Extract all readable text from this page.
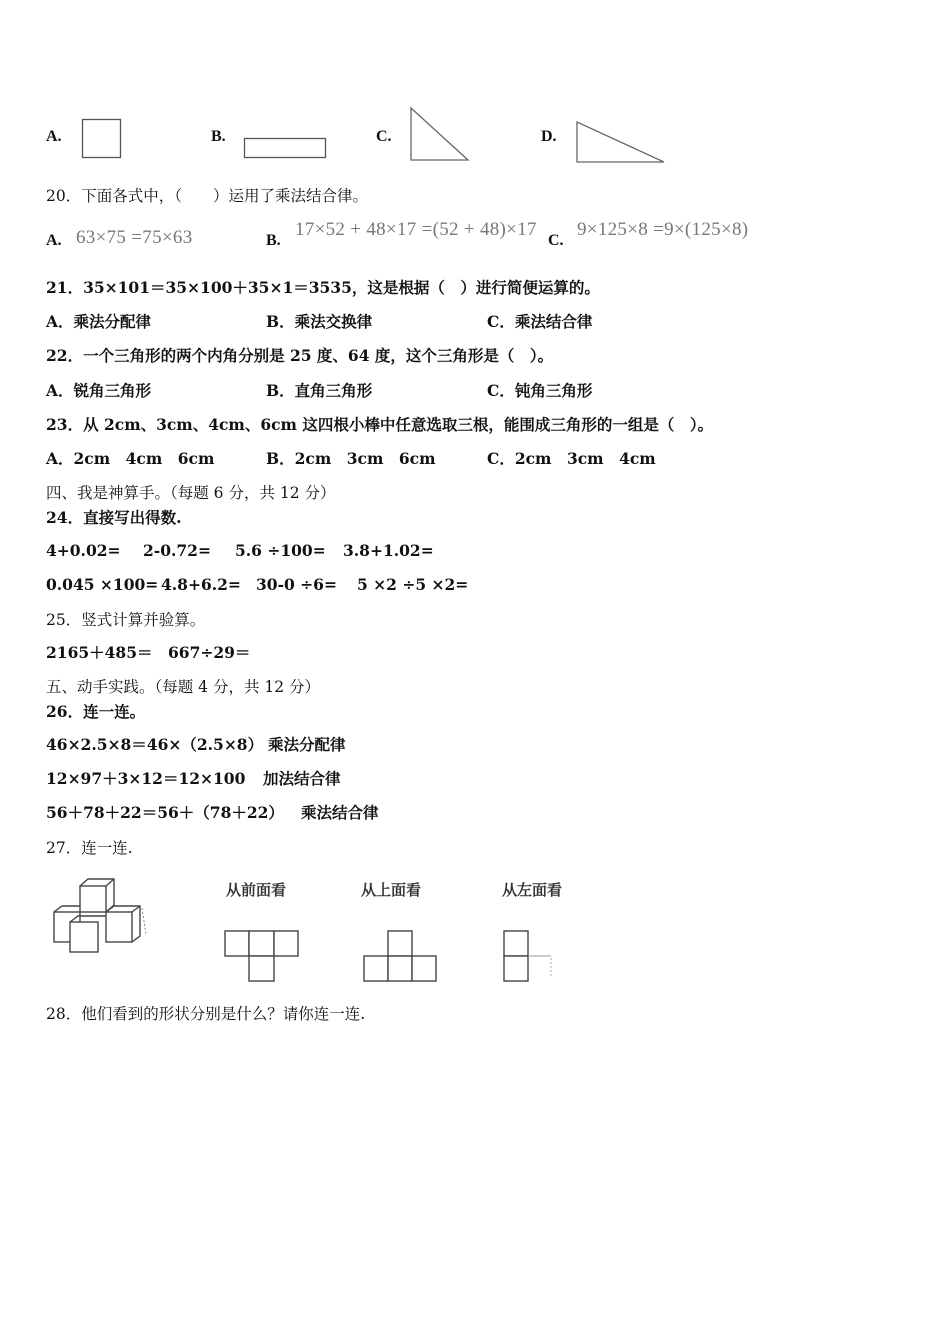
A.	B.	C.	D.
20．下面各式中，（　　）运用了乘法结合律。
A. 63×75 =75×63	B.
17×52 + 48×17 =(52 + 48)×17
C.
9×125×8 =9×(125×8)
21．35×101＝35×100＋35×1＝3535，这是根据（　）进行简便运算的。
A．乘法分配律	B．乘法交换律	C．乘法结合律
22．一个三角形的两个内角分别是 25 度、64 度，这个三角形是（　）。
A．锐角三角形	B．直角三角形	C．钝角三角形
23．从 2cm、3cm、4cm、6cm 这四根小棒中任意选取三根，能围成三角形的一组是（　）。
A．2cm　4cm　6cm	B．2cm　3cm　6cm	C．2cm　3cm　4cm
四、我是神算手。（每题 6 分，共 12 分）
24．直接写出得数.
4+0.02= 2-0.72= 5.6 ÷100= 3.8+1.02=
0.045 ×100= 4.8+6.2= 30-0 ÷6= 5 ×2 ÷5 ×2=
25．竖式计算并验算。
2165＋485＝　667÷29＝
五、动手实践。（每题 4 分，共 12 分）
26．连一连。
46×2.5×8＝46×（2.5×8） 乘法分配律
12×97＋3×12＝12×100 加法结合律
56＋78＋22＝56＋（78＋22） 乘法结合律
27．连一连.
从前面看	从上面看	从左面看
28．他们看到的形状分别是什么？请你连一连.
